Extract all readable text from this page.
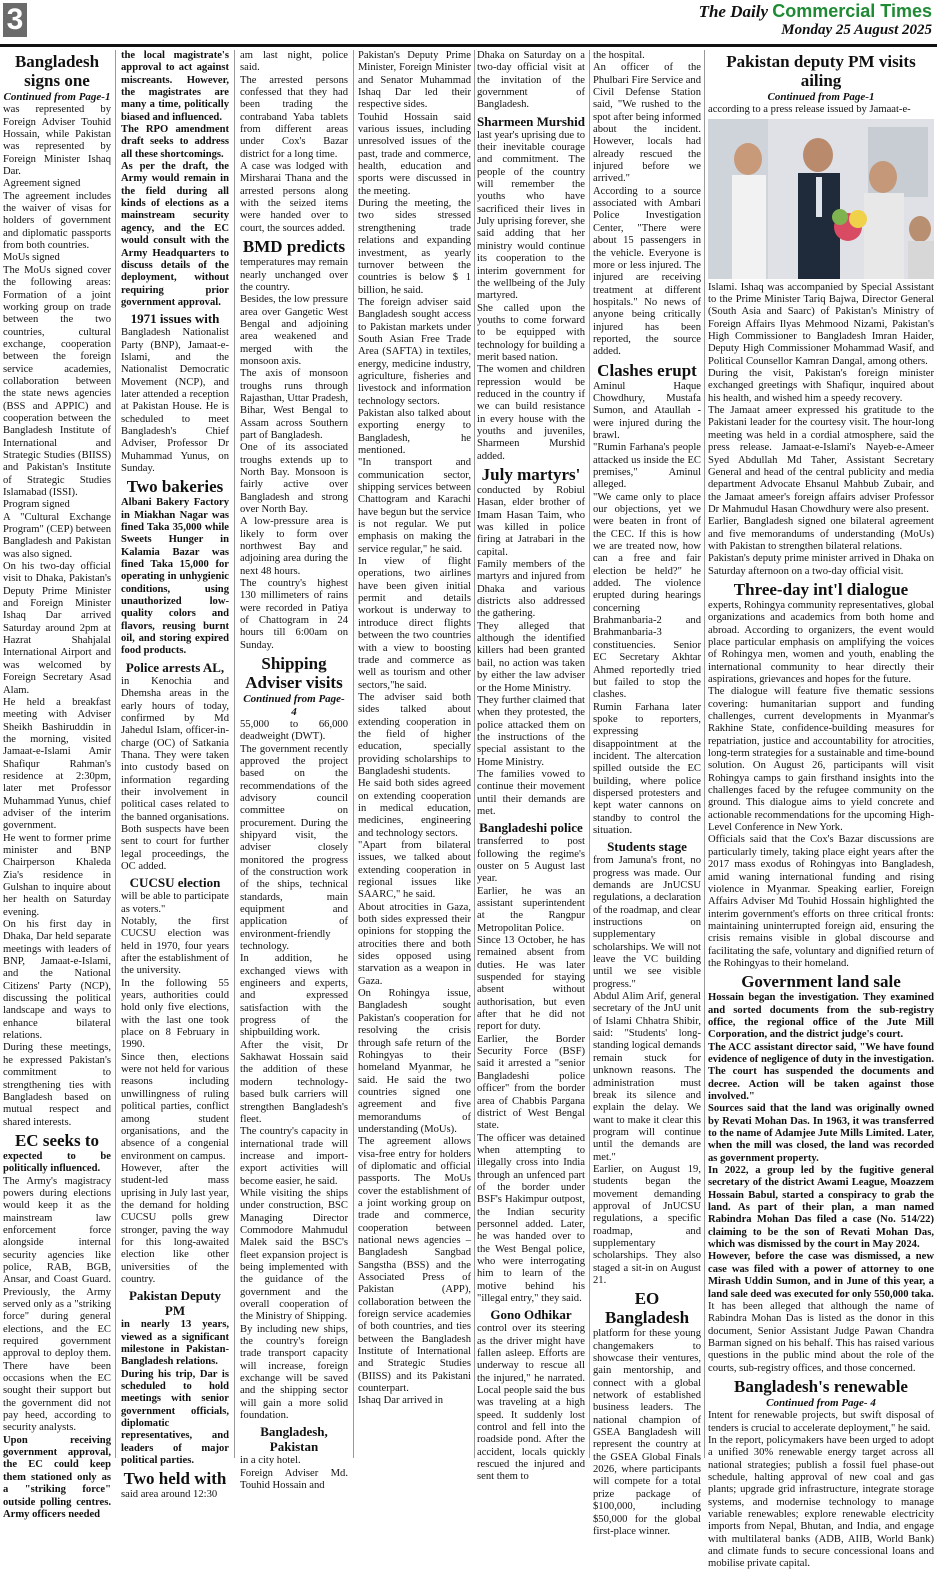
3	The Daily Commercial Times
Monday 25 August 2025
Bangladesh signs one
Continued from Page-1

was represented by Foreign Adviser Touhid Hossain, while Pakistan was represented by Foreign Minister Ishaq Dar.

Agreement signed

The agreement includes the waiver of visas for holders of government and diplomatic passports from both countries.

MoUs signed

The MoUs signed cover the following areas: Formation of a joint working group on trade between the two countries, cultural exchange, cooperation between the foreign service academies, collaboration between the state news agencies (BSS and APPIC) and cooperation between the Bangladesh Institute of International and Strategic Studies (BIISS) and Pakistan's Institute of Strategic Studies Islamabad (ISSI).

Program signed

A "Cultural Exchange Program" (CEP) between Bangladesh and Pakistan was also signed.

On his two-day official visit to Dhaka, Pakistan's Deputy Prime Minister and Foreign Minister Ishaq Dar arrived Saturday around 2pm at Hazrat Shahjalal International Airport and was welcomed by Foreign Secretary Asad Alam.

He held a breakfast meeting with Adviser Sheikh Bashiruddin in the morning, visited Jamaat-e-Islami Amir Shafiqur Rahman's residence at 2:30pm, later met Professor Muhammad Yunus, chief adviser of the interim government.

He went to former prime minister and BNP Chairperson Khaleda Zia's residence in Gulshan to inquire about her health on Saturday evening.

On his first day in Dhaka, Dar held separate meetings with leaders of BNP, Jamaat-e-Islami, and the National Citizens' Party (NCP), discussing the political landscape and ways to enhance bilateral relations.

During these meetings, he expressed Pakistan's commitment to strengthening ties with Bangladesh based on mutual respect and shared interests.

EC seeks to

expected to be politically influenced.

The Army's magistracy powers during elections would keep it as the mainstream law enforcement force alongside internal security agencies like police, RAB, BGB, Ansar, and Coast Guard. Previously, the Army served only as a "striking force" during general elections, and the EC required government approval to deploy them. There have been occasions when the EC sought their support but the government did not pay heed, according to security analysts.

Upon receiving government approval, the EC could keep them stationed only as a "striking force" outside polling centres. Army officers needed

the local magistrate's approval to act against miscreants. However, the magistrates are many a time, politically biased and influenced.

The RPO amendment draft seeks to address all these shortcomings.

As per the draft, the Army would remain in the field during all kinds of elections as a mainstream security agency, and the EC would consult with the Army Headquarters to discuss details of the deployment, without requiring prior government approval.

1971 issues with

Bangladesh Nationalist Party (BNP), Jamaat-e-Islami, and the Nationalist Democratic Movement (NCP), and later attended a reception at Pakistan House. He is scheduled to meet Bangladesh's Chief Adviser, Professor Dr Muhammad Yunus, on Sunday.

Two bakeries

Albani Bakery Factory in Miakhan Nagar was fined Taka 35,000 while Sweets Hunger in Kalamia Bazar was fined Taka 15,000 for operating in unhygienic conditions, using unauthorized low-quality colors and flavors, reusing burnt oil, and storing expired food products.

Police arrests AL,

in Kenochia and Dhemsha areas in the early hours of today, confirmed by Md Jahedul Islam, officer-in-charge (OC) of Satkania Thana. They were taken into custody based on information regarding their involvement in political cases related to the banned organisations. Both suspects have been sent to court for further legal proceedings, the OC added.

CUCSU election

will be able to participate as voters."

Notably, the first CUCSU election was held in 1970, four years after the establishment of the university.

In the following 55 years, authorities could hold only five elections, with the last one took place on 8 February in 1990.

Since then, elections were not held for various reasons including unwillingness of ruling political parties, conflict among student organisations, and the absence of a congenial environment on campus.

However, after the student-led mass uprising in July last year, the demand for holding CUCSU polls grew stronger, paving the way for this long-awaited election like other universities of the country.

Pakistan Deputy PM

in nearly 13 years, viewed as a significant milestone in Pakistan-Bangladesh relations.

During his trip, Dar is scheduled to hold meetings with senior government officials, diplomatic representatives, and leaders of major political parties.

Two held with

said area around 12:30

am last night, police said.

The arrested persons confessed that they had been trading the contraband Yaba tablets from different areas under Cox's Bazar district for a long time.

A case was lodged with Mirsharai Thana and the arrested persons along with the seized items were handed over to court, the sources added.

BMD predicts

temperatures may remain nearly unchanged over the country.

Besides, the low pressure area over Gangetic West Bengal and adjoining area weakened and merged with the monsoon axis.

The axis of monsoon troughs runs through Rajasthan, Uttar Pradesh, Bihar, West Bengal to Assam across Southern part of Bangladesh.

One of its associated troughs extends up to North Bay. Monsoon is fairly active over Bangladesh and strong over North Bay.

A low-pressure area is likely to form over northwest Bay and adjoining area during the next 48 hours.

The country's highest 130 millimeters of rains were recorded in Patiya of Chattogram in 24 hours till 6:00am on Sunday.

Shipping Adviser visits
Continued from Page- 4

55,000 to 66,000 deadweight (DWT).

The government recently approved the project based on the recommendations of the advisory council committee on procurement. During the shipyard visit, the adviser closely monitored the progress of the construction work of the ships, technical standards, main equipment and application of environment-friendly technology.

In addition, he exchanged views with engineers and experts, and expressed satisfaction with the progress of the shipbuilding work.

After the visit, Dr Sakhawat Hossain said the addition of these modern technology-based bulk carriers will strengthen Bangladesh's fleet.

The country's capacity in international trade will increase and import-export activities will become easier, he said.

While visiting the ships under construction, BSC Managing Director Commodore Mahmudul Malek said the BSC's fleet expansion project is being implemented with the guidance of the government and the overall cooperation of the Ministry of Shipping.

By including new ships, the country's foreign trade transport capacity will increase, foreign exchange will be saved and the shipping sector will gain a more solid foundation.

Bangladesh, Pakistan

in a city hotel.

Foreign Adviser Md. Touhid Hossain and

Pakistan's Deputy Prime Minister, Foreign Minister and Senator Muhammad Ishaq Dar led their respective sides.

Touhid Hossain said various issues, including unresolved issues of the past, trade and commerce, health, education and sports were discussed in the meeting.

During the meeting, the two sides stressed strengthening trade relations and expanding investment, as yearly turnover between the countries is below $ 1 billion, he said.

The foreign adviser said Bangladesh sought access to Pakistan markets under South Asian Free Trade Area (SAFTA) in textiles, energy, medicine industry, agriculture, fisheries and livestock and information technology sectors.

Pakistan also talked about exporting energy to Bangladesh, he mentioned.

"In transport and communication sector, shipping services between Chattogram and Karachi have begun but the service is not regular. We put emphasis on making the service regular," he said.

In view of flight operations, two airlines have been given initial permit and details workout is underway to introduce direct flights between the two countries with a view to boosting trade and commerce as well as tourism and other sectors,"he said.

The adviser said both sides talked about extending cooperation in the field of higher education, specially providing scholarships to Bangladeshi students.

He said both sides agreed on extending cooperation in medical education, medicines, engineering and technology sectors.

"Apart from bilateral issues, we talked about extending cooperation in regional issues like SAARC," he said.

About atrocities in Gaza, both sides expressed their opinions for stopping the atrocities there and both sides opposed using starvation as a weapon in Gaza.

On Rohingya issue, Bangladesh sought Pakistan's cooperation for resolving the crisis through safe return of the Rohingyas to their homeland Myanmar, he said. He said the two countries signed one agreement and five memorandums of understanding (MoUs).

The agreement allows visa-free entry for holders of diplomatic and official passports. The MoUs cover the establishment of a joint working group on trade and commerce, cooperation between national news agencies – Bangladesh Sangbad Sangstha (BSS) and the Associated Press of Pakistan (APP), collaboration between the foreign service academies of both countries, and ties between the Bangladesh Institute of International and Strategic Studies (BIISS) and its Pakistani counterpart.

Ishaq Dar arrived in

Dhaka on Saturday on a two-day official visit at the invitation of the government of Bangladesh.

Sharmeen Murshid

last year's uprising due to their inevitable courage and commitment. The people of the country will remember the youths who have sacrificed their lives in July uprising forever, she said adding that her ministry would continue its cooperation to the interim government for the wellbeing of the July martyred.

She called upon the youths to come forward to be equipped with technology for building a merit based nation.

The women and children repression would be reduced in the country if we can build resistance in every house with the youths and juveniles, Sharmeen Murshid added.

July martyrs'

conducted by Robiul Hasan, elder brother of Imam Hasan Taim, who was killed in police firing at Jatrabari in the capital.

Family members of the martyrs and injured from Dhaka and various districts also addressed the gathering.

They alleged that although the identified killers had been granted bail, no action was taken by either the law adviser or the Home Ministry.

They further claimed that when they protested, the police attacked them on the instructions of the special assistant to the Home Ministry.

The families vowed to continue their movement until their demands are met.

Bangladeshi police

transferred to post following the regime's ouster on 5 August last year.

Earlier, he was an assistant superintendent at the Rangpur Metropolitan Police.

Since 13 October, he has remained absent from duties. He was later suspended for staying absent without authorisation, but even after that he did not report for duty.

Earlier, the Border Security Force (BSF) said it arrested a "senior Bangladeshi police officer" from the border area of Chabbis Pargana district of West Bengal state.

The officer was detained when attempting to illegally cross into India through an unfenced part of the border under BSF's Hakimpur outpost, the Indian security personnel added. Later, he was handed over to the West Bengal police, who were interrogating him to learn of the motive behind his "illegal entry," they said.

Gono Odhikar

control over its steering as the driver might have fallen asleep. Efforts are underway to rescue all the injured," he narrated. Local people said the bus was traveling at a high speed. It suddenly lost control and fell into the roadside pond. After the accident, locals quickly rescued the injured and sent them to

the hospital.

An officer of the Phulbari Fire Service and Civil Defense Station said, "We rushed to the spot after being informed about the incident. However, locals had already rescued the injured before we arrived."

According to a source associated with Ambari Police Investigation Center, "There were about 15 passengers in the vehicle. Everyone is more or less injured. The injured are receiving treatment at different hospitals." No news of anyone being critically injured has been reported, the source added.

Clashes erupt

Aminul Haque Chowdhury, Mustafa Sumon, and Ataullah - were injured during the brawl.

"Rumin Farhana's people attacked us inside the EC premises," Aminul alleged.

"We came only to place our objections, yet we were beaten in front of the CEC. If this is how we are treated now, how can a free and fair election be held?" he added. The violence erupted during hearings concerning Brahmanbaria-2 and Brahmanbaria-3 constituencies. Senior EC Secretary Akhtar Ahmed reportedly tried but failed to stop the clashes.

Rumin Farhana later spoke to reporters, expressing disappointment at the incident. The altercation spilled outside the EC building, where police dispersed protesters and kept water cannons on standby to control the situation.

Students stage

from Jamuna's front, no progress was made. Our demands are JnUCSU regulations, a declaration of the roadmap, and clear instructions on supplementary scholarships. We will not leave the VC building until we see visible progress."

Abdul Alim Arif, general secretary of the JnU unit of Islami Chhatra Shibir, said: "Students' long-standing logical demands remain stuck for unknown reasons. The administration must break its silence and explain the delay. We want to make it clear this program will continue until the demands are met."

Earlier, on August 19, students began the movement demanding approval of JnUCSU regulations, a specific roadmap, and supplementary scholarships. They also staged a sit-in on August 21.

EO Bangladesh

platform for these young changemakers to showcase their ventures, gain mentorship, and connect with a global network of established business leaders. The national champion of GSEA Bangladesh will represent the country at the GSEA Global Finals 2026, where participants will compete for a total prize package of $100,000, including $50,000 for the global first-place winner.

Pakistan deputy PM visits ailing
Continued from Page-1

according to a press release issued by Jamaat-e-

Islami. Ishaq was accompanied by Special Assistant to the Prime Minister Tariq Bajwa, Director General (South Asia and Saarc) of Pakistan's Ministry of Foreign Affairs Ilyas Mehmood Nizami, Pakistan's High Commissioner to Bangladesh Imran Haider, Deputy High Commissioner Mohammad Wasif, and Political Counsellor Kamran Dangal, among others.

During the visit, Pakistan's foreign minister exchanged greetings with Shafiqur, inquired about his health, and wished him a speedy recovery.

The Jamaat ameer expressed his gratitude to the Pakistani leader for the courtesy visit. The hour-long meeting was held in a cordial atmosphere, said the press release. Jamaat-e-Islami's Nayeb-e-Ameer Syed Abdullah Md Taher, Assistant Secretary General and head of the central publicity and media department Advocate Ehsanul Mahbub Zubair, and the Jamaat ameer's foreign affairs adviser Professor Dr Mahmudul Hasan Chowdhury were also present.

Earlier, Bangladesh signed one bilateral agreement and five memorandums of understanding (MoUs) with Pakistan to strengthen bilateral relations.

Pakistan's deputy prime minister arrived in Dhaka on Saturday afternoon on a two-day official visit.

Three-day int'l dialogue

experts, Rohingya community representatives, global organizations and academics from both home and abroad. According to organizers, the event would place particular emphasis on amplifying the voices of Rohingya men, women and youth, enabling the international community to hear directly their aspirations, grievances and hopes for the future.

The dialogue will feature five thematic sessions covering: humanitarian support and funding challenges, current developments in Myanmar's Rakhine State, confidence-building measures for repatriation, justice and accountability for atrocities, long-term strategies for a sustainable and time-bound solution. On August 26, participants will visit Rohingya camps to gain firsthand insights into the challenges faced by the refugee community on the ground. This dialogue aims to yield concrete and actionable recommendations for the upcoming High-Level Conference in New York.

Officials said that the Cox's Bazar discussions are particularly timely, taking place eight years after the 2017 mass exodus of Rohingyas into Bangladesh, amid waning international funding and rising violence in Myanmar. Speaking earlier, Foreign Affairs Adviser Md Touhid Hossain highlighted the interim government's efforts on three critical fronts: maintaining uninterrupted foreign aid, ensuring the crisis remains visible in global discourse and facilitating the safe, voluntary and dignified return of the Rohingyas to their homeland.

Government land sale

Hossain began the investigation. They examined and sorted documents from the sub-registry office, the regional office of the Jute Mill Corporation, and the district judge's court.

The ACC assistant director said, "We have found evidence of negligence of duty in the investigation. The court has suspended the documents and decree. Action will be taken against those involved."

Sources said that the land was originally owned by Revati Mohan Das. In 1963, it was transferred to the name of Adamjee Jute Mills Limited. Later, when the mill was closed, the land was recorded as government property.

In 2022, a group led by the fugitive general secretary of the district Awami League, Moazzem Hossain Babul, started a conspiracy to grab the land. As part of their plan, a man named Rabindra Mohan Das filed a case (No. 514/22) claiming to be the son of Revati Mohan Das, which was dismissed by the court in May 2024.

However, before the case was dismissed, a new case was filed with a power of attorney to one Mirash Uddin Sumon, and in June of this year, a land sale deed was executed for only 550,000 taka.

It has been alleged that although the name of Rabindra Mohan Das is listed as the donor in this document, Senior Assistant Judge Pawan Chandra Barman signed on his behalf. This has raised various questions in the public mind about the role of the courts, sub-registry offices, and those concerned.

Bangladesh's renewable
Continued from Page- 4

Intent for renewable projects, but swift disposal of tenders is crucial to accelerate deployment," he said.

In the report, policymakers have been urged to adopt a unified 30% renewable energy target across all national strategies; publish a fossil fuel phase-out schedule, halting approval of new coal and gas plants; upgrade grid infrastructure, integrate storage systems, and modernise technology to manage variable renewables; explore renewable electricity imports from Nepal, Bhutan, and India, and engage with multilateral banks (ADB, AIIB, World Bank) and climate funds to secure concessional loans and mobilise private capital.
